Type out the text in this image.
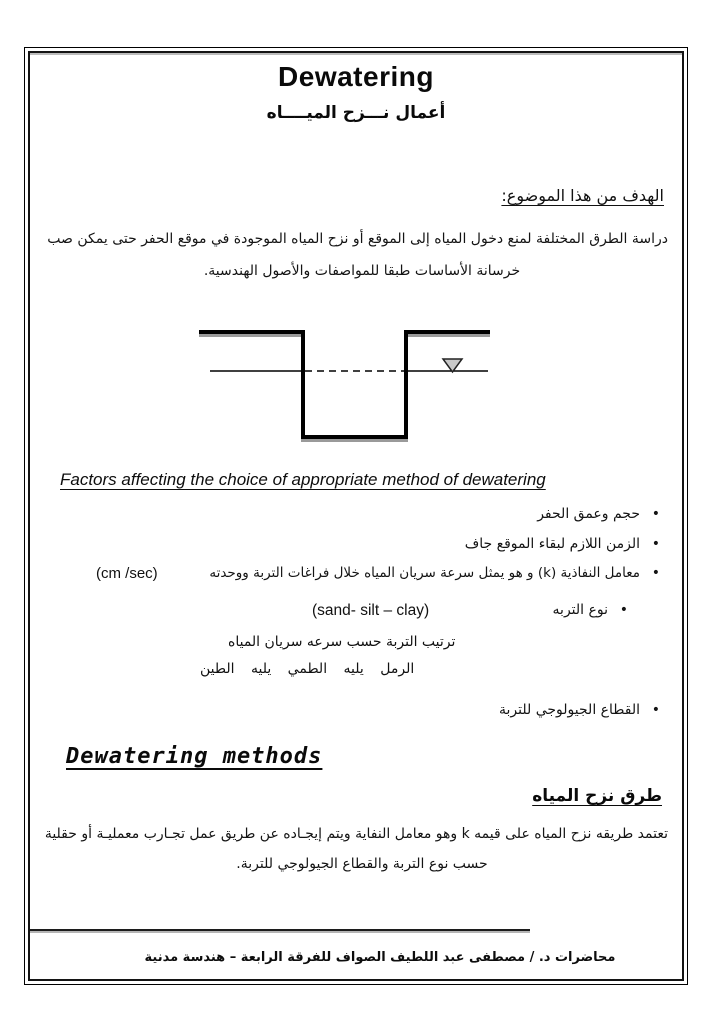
Dewatering
أعمال نـــزح الميــــاه
الهدف من هذا الموضوع:
دراسة الطرق المختلفة لمنع دخول المياه إلى الموقع أو نزح المياه الموجودة في موقع الحفر حتى يمكن صب
خرسانة الأساسات طبقا للمواصفات والأصول الهندسية.
Factors affecting the choice of appropriate method of dewatering
•
حجم وعمق الحفر
•
الزمن اللازم لبقاء الموقع جاف
•
معامل النفاذية (k) و هو يمثل سرعة سريان المياه خلال فراغات التربة ووحدته
(cm /sec)
•
نوع التربه
(sand- silt – clay)
ترتيب التربة حسب سرعه سريان المياه
الرمل يليه الطمي يليه الطين
•
القطاع الجيولوجي للتربة
Dewatering methods
طرق نزح المياه
تعتمد طريقه نزح المياه على قيمه k وهو معامل النفاية ويتم إيجـاده عن طريق عمل تجـارب معمليـة أو حقلية
حسب نوع التربة والقطاع الجيولوجي للتربة.
محاضرات د. / مصطفى عبد اللطيف الصواف للفرقة الرابعة – هندسة مدنية
